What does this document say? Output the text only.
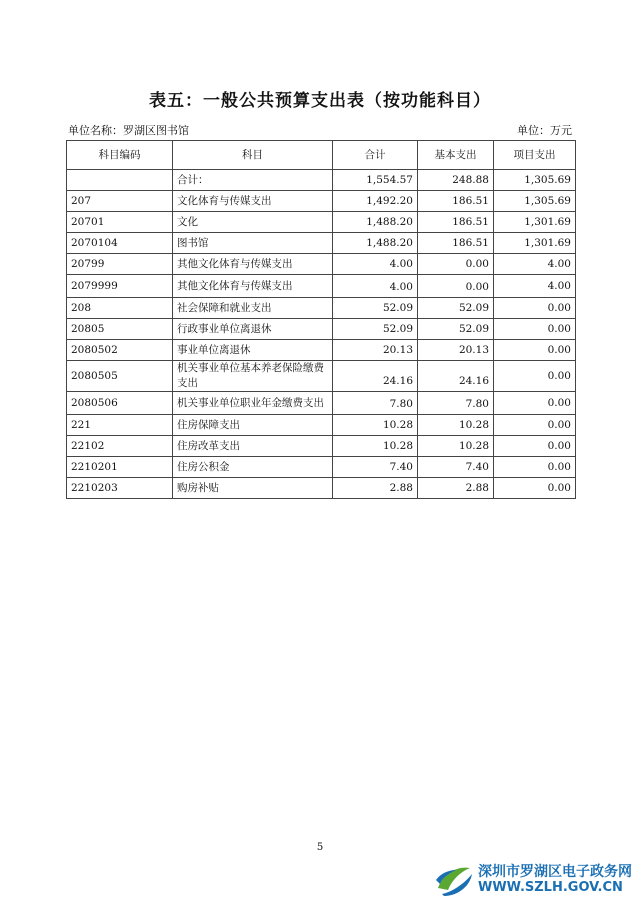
表五：一般公共预算支出表（按功能科目）
单位名称：罗湖区图书馆	单位：万元
科目编码	科目	合计	基本支出	项目支出
	合计：	1,554.57	248.88	1,305.69
207	文化体育与传媒支出	1,492.20	186.51	1,305.69
20701	文化	1,488.20	186.51	1,301.69
2070104	图书馆	1,488.20	186.51	1,301.69
20799	其他文化体育与传媒支出	4.00	0.00	4.00
2079999	其他文化体育与传媒支出	4.00	0.00	4.00
208	社会保障和就业支出	52.09	52.09	0.00
20805	行政事业单位离退休	52.09	52.09	0.00
2080502	事业单位离退休	20.13	20.13	0.00
2080505	机关事业单位基本养老保险缴费支出	24.16	24.16	0.00
2080506	机关事业单位职业年金缴费支出	7.80	7.80	0.00
221	住房保障支出	10.28	10.28	0.00
22102	住房改革支出	10.28	10.28	0.00
2210201	住房公积金	7.40	7.40	0.00
2210203	购房补贴	2.88	2.88	0.00
5
深圳市罗湖区电子政务网
WWW.SZLH.GOV.CN
